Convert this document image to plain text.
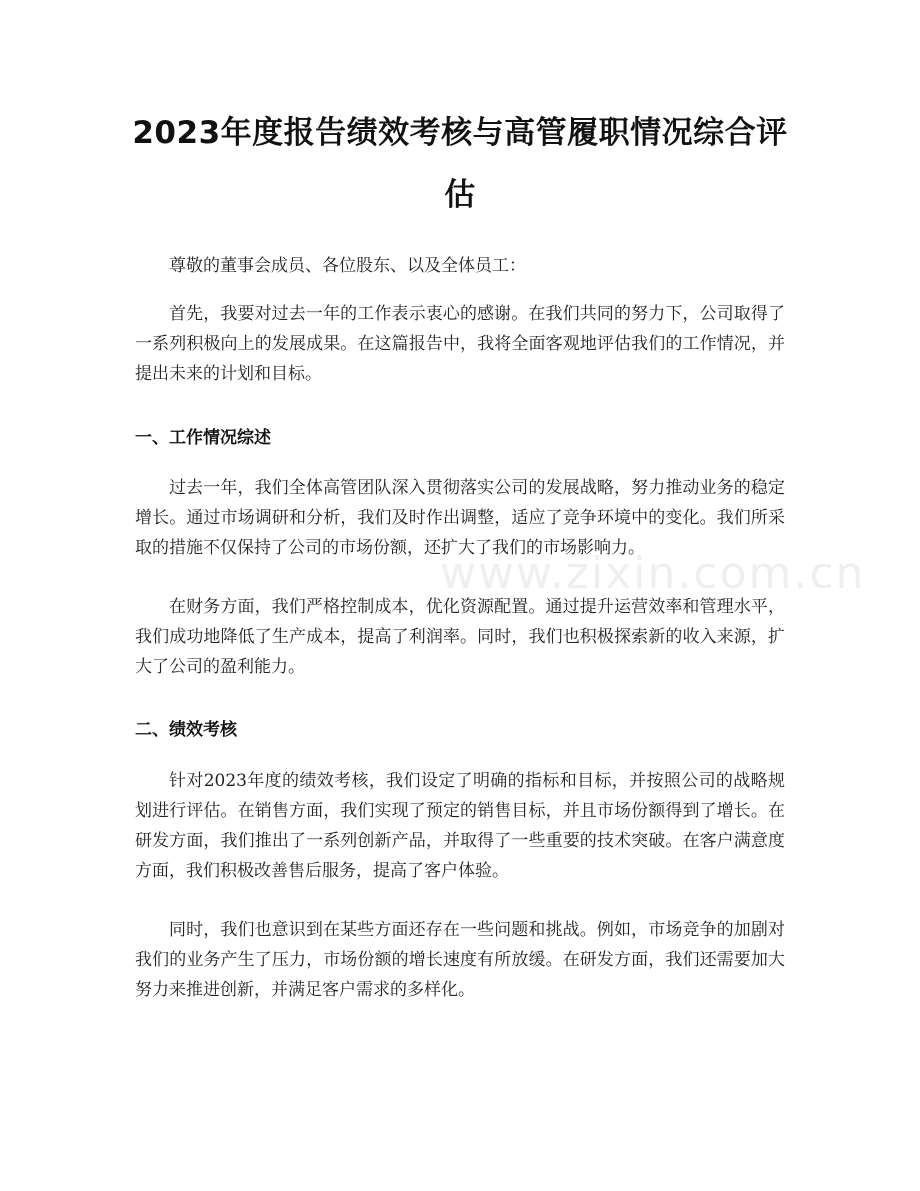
2023年度报告绩效考核与高管履职情况综合评估

尊敬的董事会成员、各位股东、以及全体员工：

首先，我要对过去一年的工作表示衷心的感谢。在我们共同的努力下，公司取得了一系列积极向上的发展成果。在这篇报告中，我将全面客观地评估我们的工作情况，并提出未来的计划和目标。

一、工作情况综述

过去一年，我们全体高管团队深入贯彻落实公司的发展战略，努力推动业务的稳定增长。通过市场调研和分析，我们及时作出调整，适应了竞争环境中的变化。我们所采取的措施不仅保持了公司的市场份额，还扩大了我们的市场影响力。

在财务方面，我们严格控制成本，优化资源配置。通过提升运营效率和管理水平，我们成功地降低了生产成本，提高了利润率。同时，我们也积极探索新的收入来源，扩大了公司的盈利能力。

二、绩效考核

针对2023年度的绩效考核，我们设定了明确的指标和目标，并按照公司的战略规划进行评估。在销售方面，我们实现了预定的销售目标，并且市场份额得到了增长。在研发方面，我们推出了一系列创新产品，并取得了一些重要的技术突破。在客户满意度方面，我们积极改善售后服务，提高了客户体验。

同时，我们也意识到在某些方面还存在一些问题和挑战。例如，市场竞争的加剧对我们的业务产生了压力，市场份额的增长速度有所放缓。在研发方面，我们还需要加大努力来推进创新，并满足客户需求的多样化。

www.zixin.com.cn
